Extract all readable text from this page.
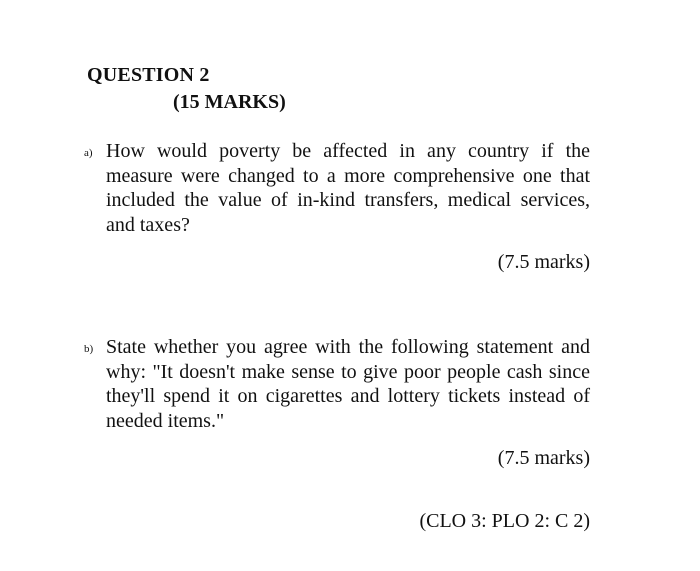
QUESTION 2
(15 MARKS)
a) How would poverty be affected in any country if the measure were changed to a more comprehensive one that included the value of in-kind transfers, medical services, and taxes?
(7.5 marks)
b) State whether you agree with the following statement and why: "It doesn't make sense to give poor people cash since they'll spend it on cigarettes and lottery tickets instead of needed items."
(7.5 marks)
(CLO 3: PLO 2: C 2)
